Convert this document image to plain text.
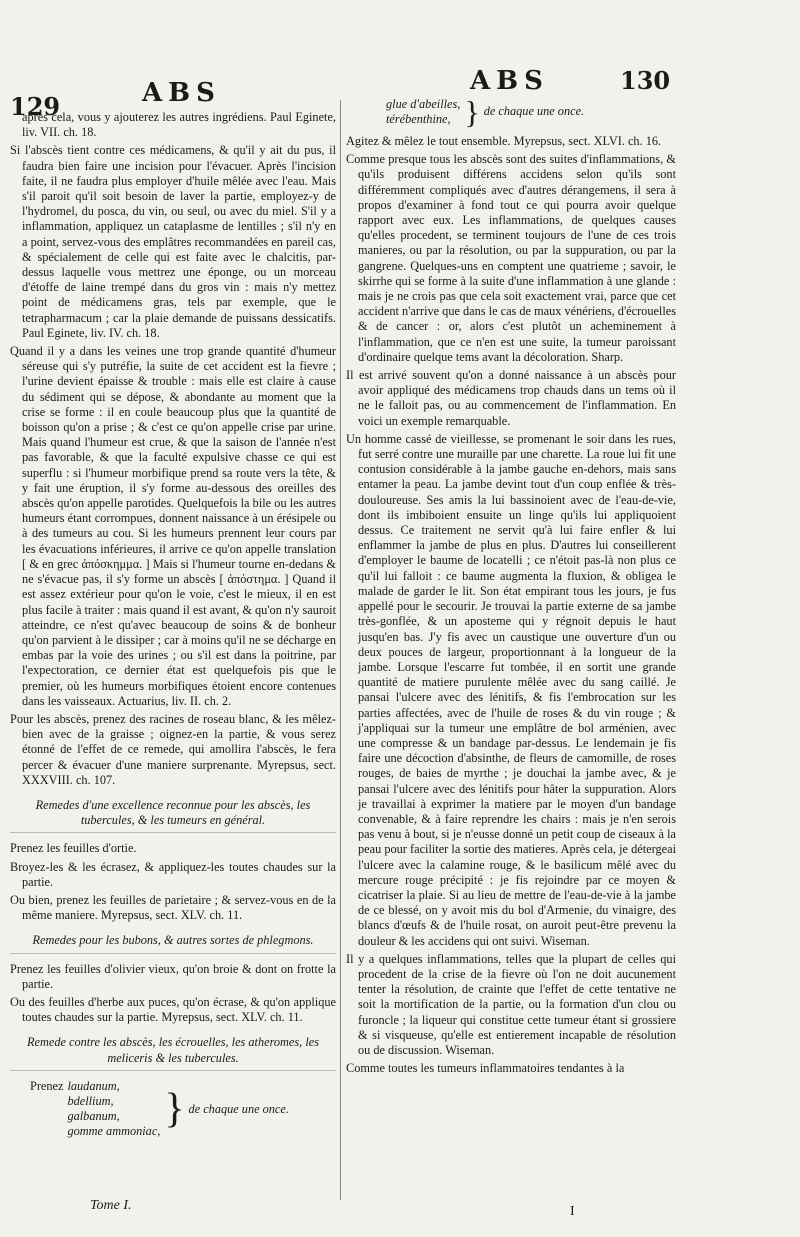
129	ABS	ABS	130

après cela, vous y ajouterez les autres ingrédiens. Paul Eginete, liv. VII. ch. 18.

Si l'abscès tient contre ces médicamens, & qu'il y ait du pus, il faudra bien faire une incision pour l'évacuer. Après l'incision faite, il ne faudra plus employer d'huile mêlée avec l'eau. Mais s'il paroit qu'il soit besoin de laver la partie, employez-y de l'hydromel, du posca, du vin, ou seul, ou avec du miel. S'il y a inflammation, appliquez un cataplasme de lentilles ; s'il n'y en a point, servez-vous des emplâtres recommandées en pareil cas, & spécialement de celle qui est faite avec le chalcitis, par-dessus laquelle vous mettrez une éponge, ou un morceau d'étoffe de laine trempé dans du gros vin : mais n'y mettez point de médicamens gras, tels par exemple, que le tetrapharmacum ; car la plaie demande de puissans dessicatifs. Paul Eginete, liv. IV. ch. 18.

Quand il y a dans les veines une trop grande quantité d'humeur séreuse qui s'y putréfie, la suite de cet accident est la fievre ; l'urine devient épaisse & trouble : mais elle est claire à cause du sédiment qui se dépose, & abondante au moment que la crise se forme : il en coule beaucoup plus que la quantité de boisson qu'on a prise ; & c'est ce qu'on appelle crise par urine. Mais quand l'humeur est crue, & que la saison de l'année n'est pas favorable, & que la faculté expulsive chasse ce qui est superflu : si l'humeur morbifique prend sa route vers la tête, & y fait une éruption, il s'y forme au-dessous des oreilles des abscès qu'on appelle parotides. Quelquefois la bile ou les autres humeurs étant corrompues, donnent naissance à un érésipele ou à des tumeurs au cou. Si les humeurs prennent leur cours par les évacuations inférieures, il arrive ce qu'on appelle translation [ & en grec ἀπόσκημμα. ] Mais si l'humeur tourne en-dedans & ne s'évacue pas, il s'y forme un abscès [ ἀπόστημα. ] Quand il est assez extérieur pour qu'on le voie, c'est le mieux, il en est plus facile à traiter : mais quand il est avant, & qu'on n'y sauroit atteindre, ce n'est qu'avec beaucoup de soins & de bonheur qu'on parvient à le dissiper ; car à moins qu'il ne se décharge en embas par la voie des urines ; ou s'il est dans la poitrine, par l'expectoration, ce dernier état est quelquefois pis que le premier, où les humeurs morbifiques étoient encore contenues dans les vaisseaux. Actuarius, liv. II. ch. 2.

Pour les abscès, prenez des racines de roseau blanc, & les mêlez-bien avec de la graisse ; oignez-en la partie, & vous serez étonné de l'effet de ce remede, qui amollira l'abscès, le fera percer & évacuer d'une maniere surprenante. Myrepsus, sect. XXXVIII. ch. 107.

Remedes d'une excellence reconnue pour les abscès, les tubercules, & les tumeurs en général.

Prenez les feuilles d'ortie.

Broyez-les & les écrasez, & appliquez-les toutes chaudes sur la partie.

Ou bien, prenez les feuilles de parietaire ; & servez-vous en de la même maniere. Myrepsus, sect. XLV. ch. 11.

Remedes pour les bubons, & autres sortes de phlegmons.

Prenez les feuilles d'olivier vieux, qu'on broie & dont on frotte la partie.

Ou des feuilles d'herbe aux puces, qu'on écrase, & qu'on applique toutes chaudes sur la partie. Myrepsus, sect. XLV. ch. 11.

Remede contre les abscès, les écrouelles, les atheromes, les meliceris & les tubercules.
Prenez laudanum,
bdellium,
galbanum,
gomme ammoniac, } de chaque une once.
glue d'abeilles,
térébenthine, } de chaque une once.

Agitez & mêlez le tout ensemble. Myrepsus, sect. XLVI. ch. 16.

Comme presque tous les abscès sont des suites d'inflammations, & qu'ils produisent différens accidens selon qu'ils sont différemment compliqués avec d'autres dérangemens, il sera à propos d'examiner à fond tout ce qui pourra avoir quelque rapport avec eux. Les inflammations, de quelques causes qu'elles procedent, se terminent toujours de l'une de ces trois manieres, ou par la résolution, ou par la suppuration, ou par la gangrene. Quelques-uns en comptent une quatrieme ; savoir, le skirrhe qui se forme à la suite d'une inflammation à une glande : mais je ne crois pas que cela soit exactement vrai, parce que cet accident n'arrive que dans le cas de maux vénériens, d'écrouelles & de cancer : or, alors c'est plutôt un acheminement à l'inflammation, que ce n'en est une suite, la tumeur paroissant d'ordinaire quelque tems avant la décoloration. Sharp.

Il est arrivé souvent qu'on a donné naissance à un abscès pour avoir appliqué des médicamens trop chauds dans un tems où il ne le falloit pas, ou au commencement de l'inflammation. En voici un exemple remarquable.

Un homme cassé de vieillesse, se promenant le soir dans les rues, fut serré contre une muraille par une charette. La roue lui fit une contusion considérable à la jambe gauche en-dehors, mais sans entamer la peau. La jambe devint tout d'un coup enflée & très-douloureuse. Ses amis la lui bassinoient avec de l'eau-de-vie, dont ils imbiboient ensuite un linge qu'ils lui appliquoient dessus. Ce traitement ne servit qu'à lui faire enfler & lui enflammer la jambe de plus en plus. D'autres lui conseillerent d'employer le baume de locatelli ; ce n'étoit pas-là non plus ce qu'il lui falloit : ce baume augmenta la fluxion, & obligea le malade de garder le lit. Son état empirant tous les jours, je fus appellé pour le secourir. Je trouvai la partie externe de sa jambe très-gonflée, & un aposteme qui y régnoit depuis le haut jusqu'en bas. J'y fis avec un caustique une ouverture d'un ou deux pouces de largeur, proportionnant à la longueur de la jambe. Lorsque l'escarre fut tombée, il en sortit une grande quantité de matiere purulente mêlée avec du sang caillé. Je pansai l'ulcere avec des lénitifs, & fis l'embrocation sur les parties affectées, avec de l'huile de roses & du vin rouge ; & j'appliquai sur la tumeur une emplâtre de bol arménien, avec une compresse & un bandage par-dessus. Le lendemain je fis faire une décoction d'absinthe, de fleurs de camomille, de roses rouges, de baies de myrthe ; je douchai la jambe avec, & je pansai l'ulcere avec des lénitifs pour hâter la suppuration. Alors je travaillai à exprimer la matiere par le moyen d'un bandage convenable, & à faire reprendre les chairs : mais je n'en serois pas venu à bout, si je n'eusse donné un petit coup de ciseaux à la peau pour faciliter la sortie des matieres. Après cela, je détergeai l'ulcere avec la calamine rouge, & le basilicum mêlé avec du mercure rouge précipité : je fis rejoindre par ce moyen & cicatriser la plaie. Si au lieu de mettre de l'eau-de-vie à la jambe de ce blessé, on y avoit mis du bol d'Armenie, du vinaigre, des blancs d'œufs & de l'huile rosat, on auroit peut-être prevenu la douleur & les accidens qui ont suivi. Wiseman.

Il y a quelques inflammations, telles que la plupart de celles qui procedent de la crise de la fievre où l'on ne doit aucunement tenter la résolution, de crainte que l'effet de cette tentative ne soit la mortification de la partie, ou la formation d'un clou ou furoncle ; la liqueur qui constitue cette tumeur étant si grossiere & si visqueuse, qu'elle est entierement incapable de résolution ou de discussion. Wiseman.

Comme toutes les tumeurs inflammatoires tendantes à la

Tome I.	I
